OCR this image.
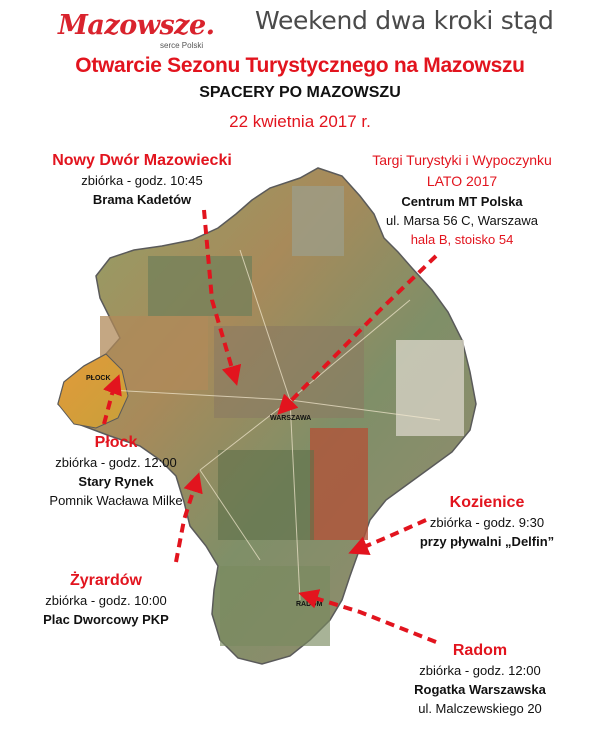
Mazowsze.
serce Polski
Weekend dwa kroki stąd
Otwarcie Sezonu Turystycznego na Mazowszu
SPACERY PO MAZOWSZU
22 kwietnia 2017 r.
PŁOCK
WARSZAWA
RADOM
Nowy Dwór Mazowiecki
zbiórka - godz. 10:45
Brama Kadetów
Targi Turystyki i Wypoczynku
LATO 2017
Centrum MT Polska
ul. Marsa 56 C, Warszawa
hala B, stoisko 54
Płock
zbiórka - godz. 12:00
Stary Rynek
Pomnik Wacława Milke	Kozienice
zbiórka - godz. 9:30
przy pływalni „Delfin”
Żyrardów
zbiórka - godz. 10:00
Plac Dworcowy PKP
Radom
zbiórka - godz. 12:00
Rogatka Warszawska
ul. Malczewskiego 20
